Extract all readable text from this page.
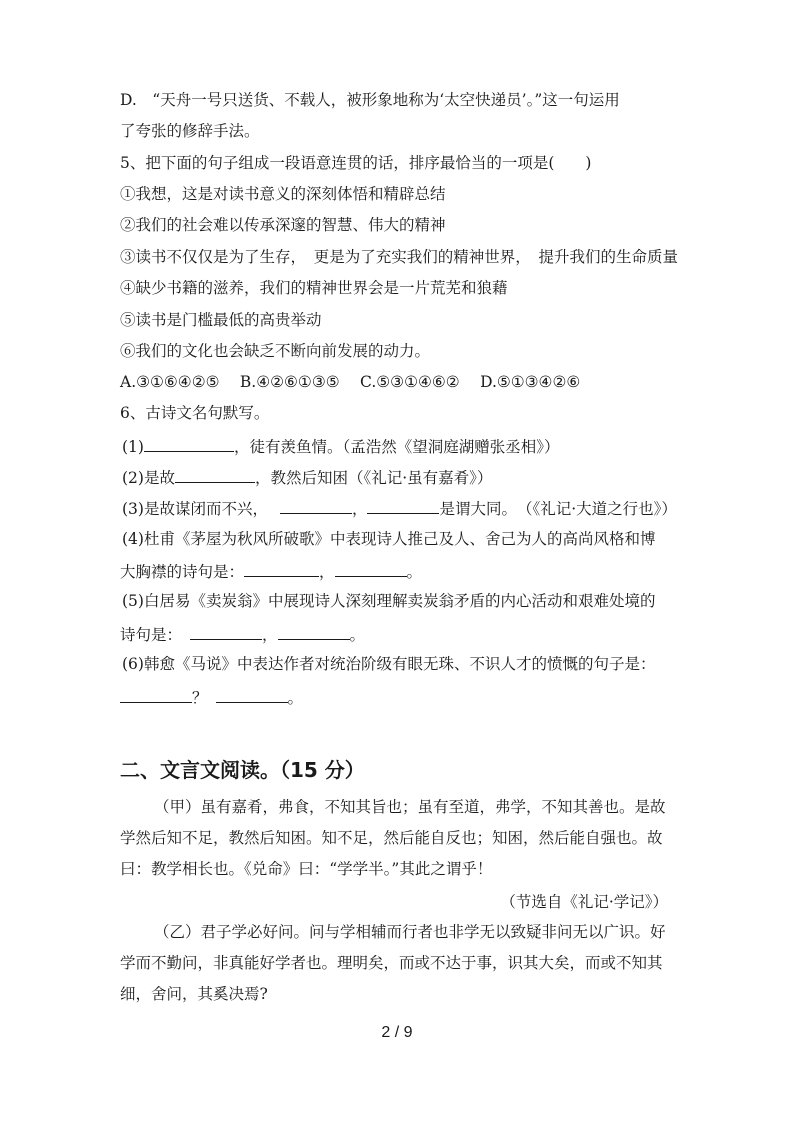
D.　“天舟一号只送货、不载人，被形象地称为‘太空快递员’。”这一句运用
了夸张的修辞手法。
5、把下面的句子组成一段语意连贯的话，排序最恰当的一项是(　　)
①我想，这是对读书意义的深刻体悟和精辟总结
②我们的社会难以传承深邃的智慧、伟大的精神
③读书不仅仅是为了生存，　更是为了充实我们的精神世界，　提升我们的生命质量
④缺少书籍的滋养，我们的精神世界会是一片荒芜和狼藉
⑤读书是门槛最低的高贵举动
⑥我们的文化也会缺乏不断向前发展的动力。
A.③①⑥④②⑤　 B.④②⑥①③⑤　 C.⑤③①④⑥②　 D.⑤①③④②⑥
6、古诗文名句默写。
(1)	，徒有羡鱼情。（孟浩然《望洞庭湖赠张丞相》）
(2)是故	，教然后知困（《礼记·虽有嘉肴》）
(3)是故谋闭而不兴，	，	是谓大同。　（《礼记·大道之行也》）
(4)杜甫《茅屋为秋风所破歌》中表现诗人推己及人、舍己为人的高尚风格和博
大胸襟的诗句是：	，	。
(5)白居易《卖炭翁》中展现诗人深刻理解卖炭翁矛盾的内心活动和艰难处境的
诗句是：	，	。
(6)韩愈《马说》中表达作者对统治阶级有眼无珠、不识人才的愤慨的句子是：
？	。
二、文言文阅读。（15 分）
（甲）虽有嘉肴，弗食，不知其旨也；虽有至道，弗学，不知其善也。是故
学然后知不足，教然后知困。知不足，然后能自反也；知困，然后能自强也。故
曰：教学相长也。《兑命》曰：“学学半。”其此之谓乎！
（节选自《礼记·学记》）
（乙）君子学必好问。问与学相辅而行者也非学无以致疑非问无以广识。好
学而不勤问，非真能好学者也。理明矣，而或不达于事，识其大矣，而或不知其
细，舍问，其奚决焉?
2 / 9
